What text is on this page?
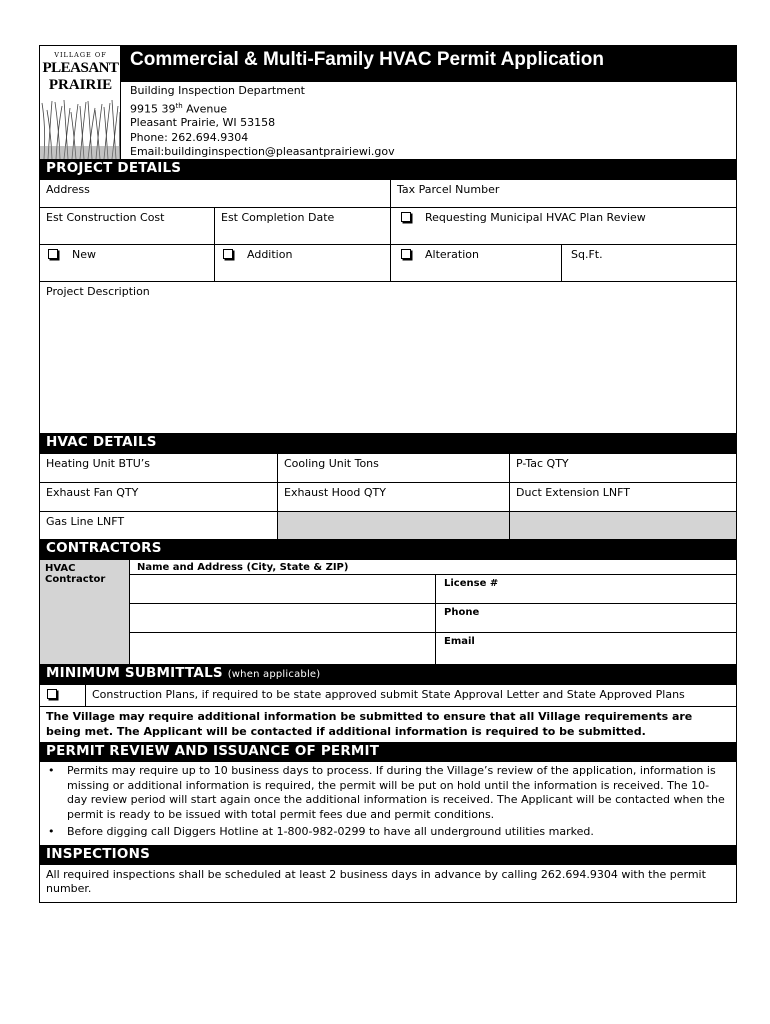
VILLAGE OF
PLEASANT
PRAIRIE
Commercial & Multi-Family HVAC Permit Application
Building Inspection Department
9915 39th Avenue
Pleasant Prairie, WI 53158
Phone: 262.694.9304
Email:buildinginspection@pleasantprairiewi.gov
PROJECT DETAILS
Address	Tax Parcel Number
Est Construction Cost	Est Completion Date	Requesting Municipal HVAC Plan Review
New	Addition	Alteration	Sq.Ft.
Project Description
HVAC DETAILS
Heating Unit BTU’s	Cooling Unit Tons	P-Tac QTY
Exhaust Fan QTY	Exhaust Hood QTY	Duct Extension LNFT
Gas Line LNFT
CONTRACTORS
HVAC
Contractor
Name and Address (City, State & ZIP)
License #
Phone
Email
MINIMUM SUBMITTALS (when applicable)
Construction Plans, if required to be state approved submit State Approval Letter and State Approved Plans
The Village may require additional information be submitted to ensure that all Village requirements are being met. The Applicant will be contacted if additional information is required to be submitted.
PERMIT REVIEW AND ISSUANCE OF PERMIT
• Permits may require up to 10 business days to process. If during the Village’s review of the application, information is missing or additional information is required, the permit will be put on hold until the information is received. The 10-day review period will start again once the additional information is received. The Applicant will be contacted when the permit is ready to be issued with total permit fees due and permit conditions.
• Before digging call Diggers Hotline at 1-800-982-0299 to have all underground utilities marked.
INSPECTIONS
All required inspections shall be scheduled at least 2 business days in advance by calling 262.694.9304 with the permit number.
